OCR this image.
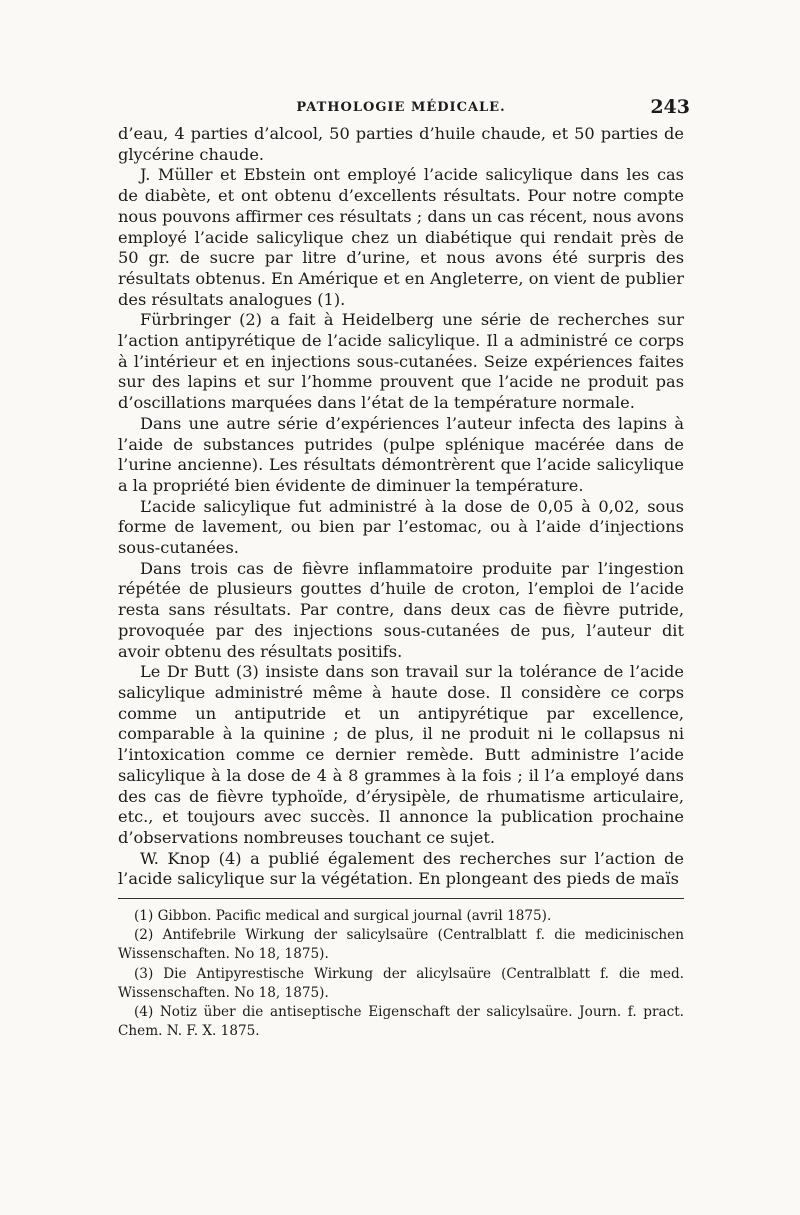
PATHOLOGIE MÉDICALE.	243

d’eau, 4 parties d’alcool, 50 parties d’huile chaude, et 50 parties de glycérine chaude.

J. Müller et Ebstein ont employé l’acide salicylique dans les cas de diabète, et ont obtenu d’excellents résultats. Pour notre compte nous pouvons affirmer ces résultats ; dans un cas récent, nous avons employé l’acide salicylique chez un diabétique qui rendait près de 50 gr. de sucre par litre d’urine, et nous avons été surpris des résultats obtenus. En Amérique et en Angleterre, on vient de publier des résultats analogues (1).

Fürbringer (2) a fait à Heidelberg une série de recherches sur l’action antipyrétique de l’acide salicylique. Il a administré ce corps à l’intérieur et en injections sous-cutanées. Seize expériences faites sur des lapins et sur l’homme prouvent que l’acide ne produit pas d’oscillations marquées dans l’état de la température normale.

Dans une autre série d’expériences l’auteur infecta des lapins à l’aide de substances putrides (pulpe splénique macérée dans de l’urine ancienne). Les résultats démontrèrent que l’acide salicylique a la propriété bien évidente de diminuer la température.

L’acide salicylique fut administré à la dose de 0,05 à 0,02, sous forme de lavement, ou bien par l’estomac, ou à l’aide d’injections sous-cutanées.

Dans trois cas de fièvre inflammatoire produite par l’ingestion répétée de plusieurs gouttes d’huile de croton, l’emploi de l’acide resta sans résultats. Par contre, dans deux cas de fièvre putride, provoquée par des injections sous-cutanées de pus, l’auteur dit avoir obtenu des résultats positifs.

Le Dr Butt (3) insiste dans son travail sur la tolérance de l’acide salicylique administré même à haute dose. Il considère ce corps comme un antiputride et un antipyrétique par excellence, comparable à la quinine ; de plus, il ne produit ni le collapsus ni l’intoxication comme ce dernier remède. Butt administre l’acide salicylique à la dose de 4 à 8 grammes à la fois ; il l’a employé dans des cas de fièvre typhoïde, d’érysipèle, de rhumatisme articulaire, etc., et toujours avec succès. Il annonce la publication prochaine d’observations nombreuses touchant ce sujet.

W. Knop (4) a publié également des recherches sur l’action de l’acide salicylique sur la végétation. En plongeant des pieds de maïs

(1) Gibbon. Pacific medical and surgical journal (avril 1875).

(2) Antifebrile Wirkung der salicylsaüre (Centralblatt f. die medicinischen Wissenschaften. No 18, 1875).

(3) Die Antipyrestische Wirkung der alicylsaüre (Centralblatt f. die med. Wissenschaften. No 18, 1875).

(4) Notiz über die antiseptische Eigenschaft der salicylsaüre. Journ. f. pract. Chem. N. F. X. 1875.
